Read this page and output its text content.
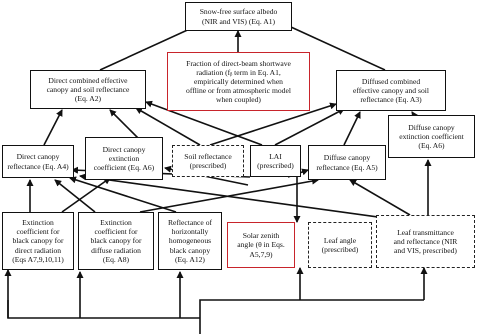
Snow-free surface albedo
(NIR and VIS) (Eq. A1)
Fraction of direct-beam shortwave
radiation (fᵦ term in Eq. A1,
empirically determined when
offline or from atmospheric model
when coupled)
Direct combined effective
canopy and soil reflectance
(Eq. A2)
Diffused combined
effective canopy and soil
reflectance (Eq. A3)
Direct canopy
reflectance (Eq. A4)
Direct canopy
extinction
coefficient (Eq. A6)
Soil reflectance
(prescribed)
LAI
(prescribed)
Diffuse canopy
reflectance (Eq. A5)
Diffuse canopy
extinction coefficient
(Eq. A6)
Extinction
coefficient for
black canopy for
direct radiation
(Eqs A7,9,10,11)
Extinction
coefficient for
black canopy for
diffuse radiation
(Eq. A8)
Reflectance of
horizontally
homogeneous
black canopy
(Eq. A12)
Solar zenith
angle (θ in Eqs.
A5,7,9)
Leaf angle
(prescribed)
Leaf transmittance
and reflectance (NIR
and VIS, prescribed)
